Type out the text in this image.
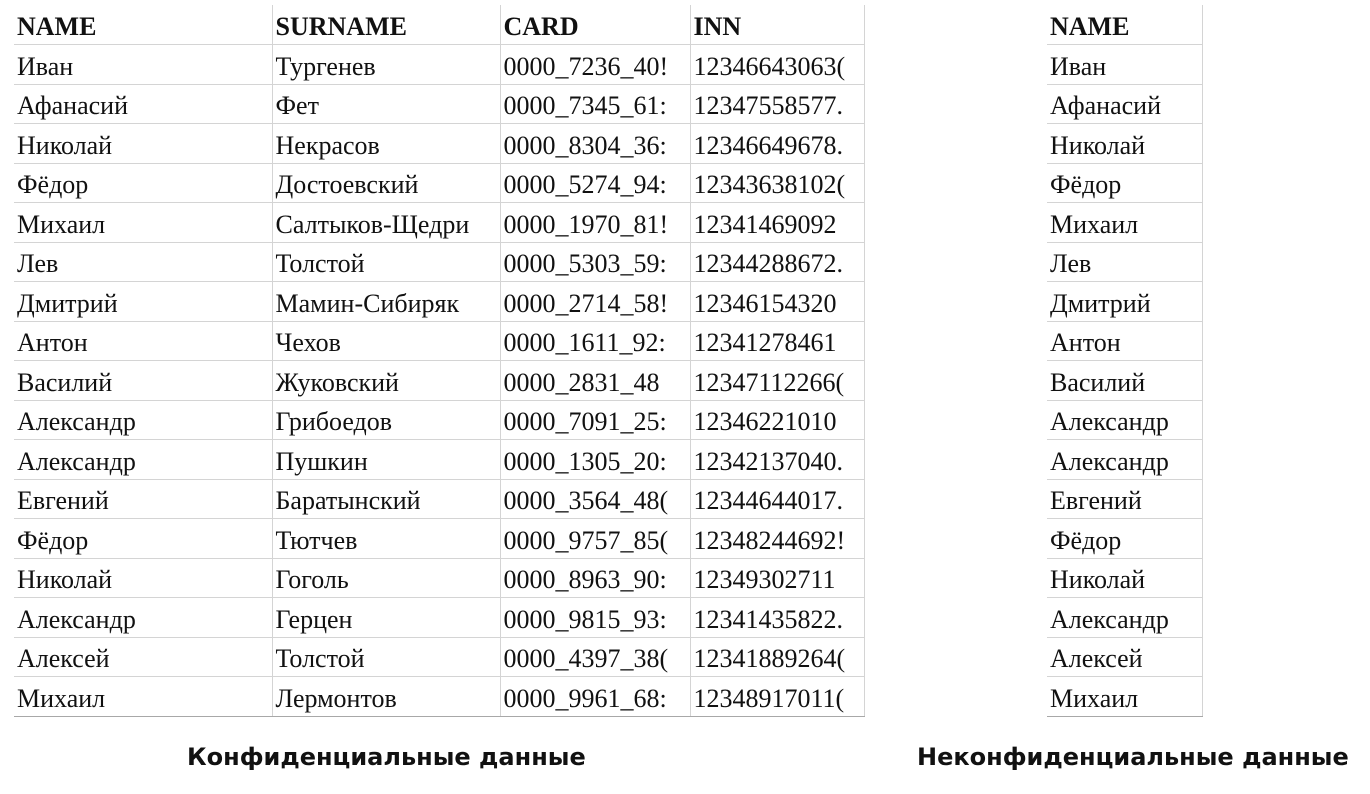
NAME	SURNAME	CARD	INN
Иван	Тургенев	0000_7236_40!	12346643063(
Афанасий	Фет	0000_7345_61:	12347558577.
Николай	Некрасов	0000_8304_36:	12346649678.
Фёдор	Достоевский	0000_5274_94:	12343638102(
Михаил	Салтыков-Щедри	0000_1970_81!	12341469092
Лев	Толстой	0000_5303_59:	12344288672.
Дмитрий	Мамин-Сибиряк	0000_2714_58!	12346154320
Антон	Чехов	0000_1611_92:	12341278461
Василий	Жуковский	0000_2831_48	12347112266(
Александр	Грибоедов	0000_7091_25:	12346221010
Александр	Пушкин	0000_1305_20:	12342137040.
Евгений	Баратынский	0000_3564_48(	12344644017.
Фёдор	Тютчев	0000_9757_85(	12348244692!
Николай	Гоголь	0000_8963_90:	12349302711
Александр	Герцен	0000_9815_93:	12341435822.
Алексей	Толстой	0000_4397_38(	12341889264(
Михаил	Лермонтов	0000_9961_68:	12348917011(
NAME
Иван
Афанасий
Николай
Фёдор
Михаил
Лев
Дмитрий
Антон
Василий
Александр
Александр
Евгений
Фёдор
Николай
Александр
Алексей
Михаил
Конфиденциальные данные	Неконфиденциальные данные
